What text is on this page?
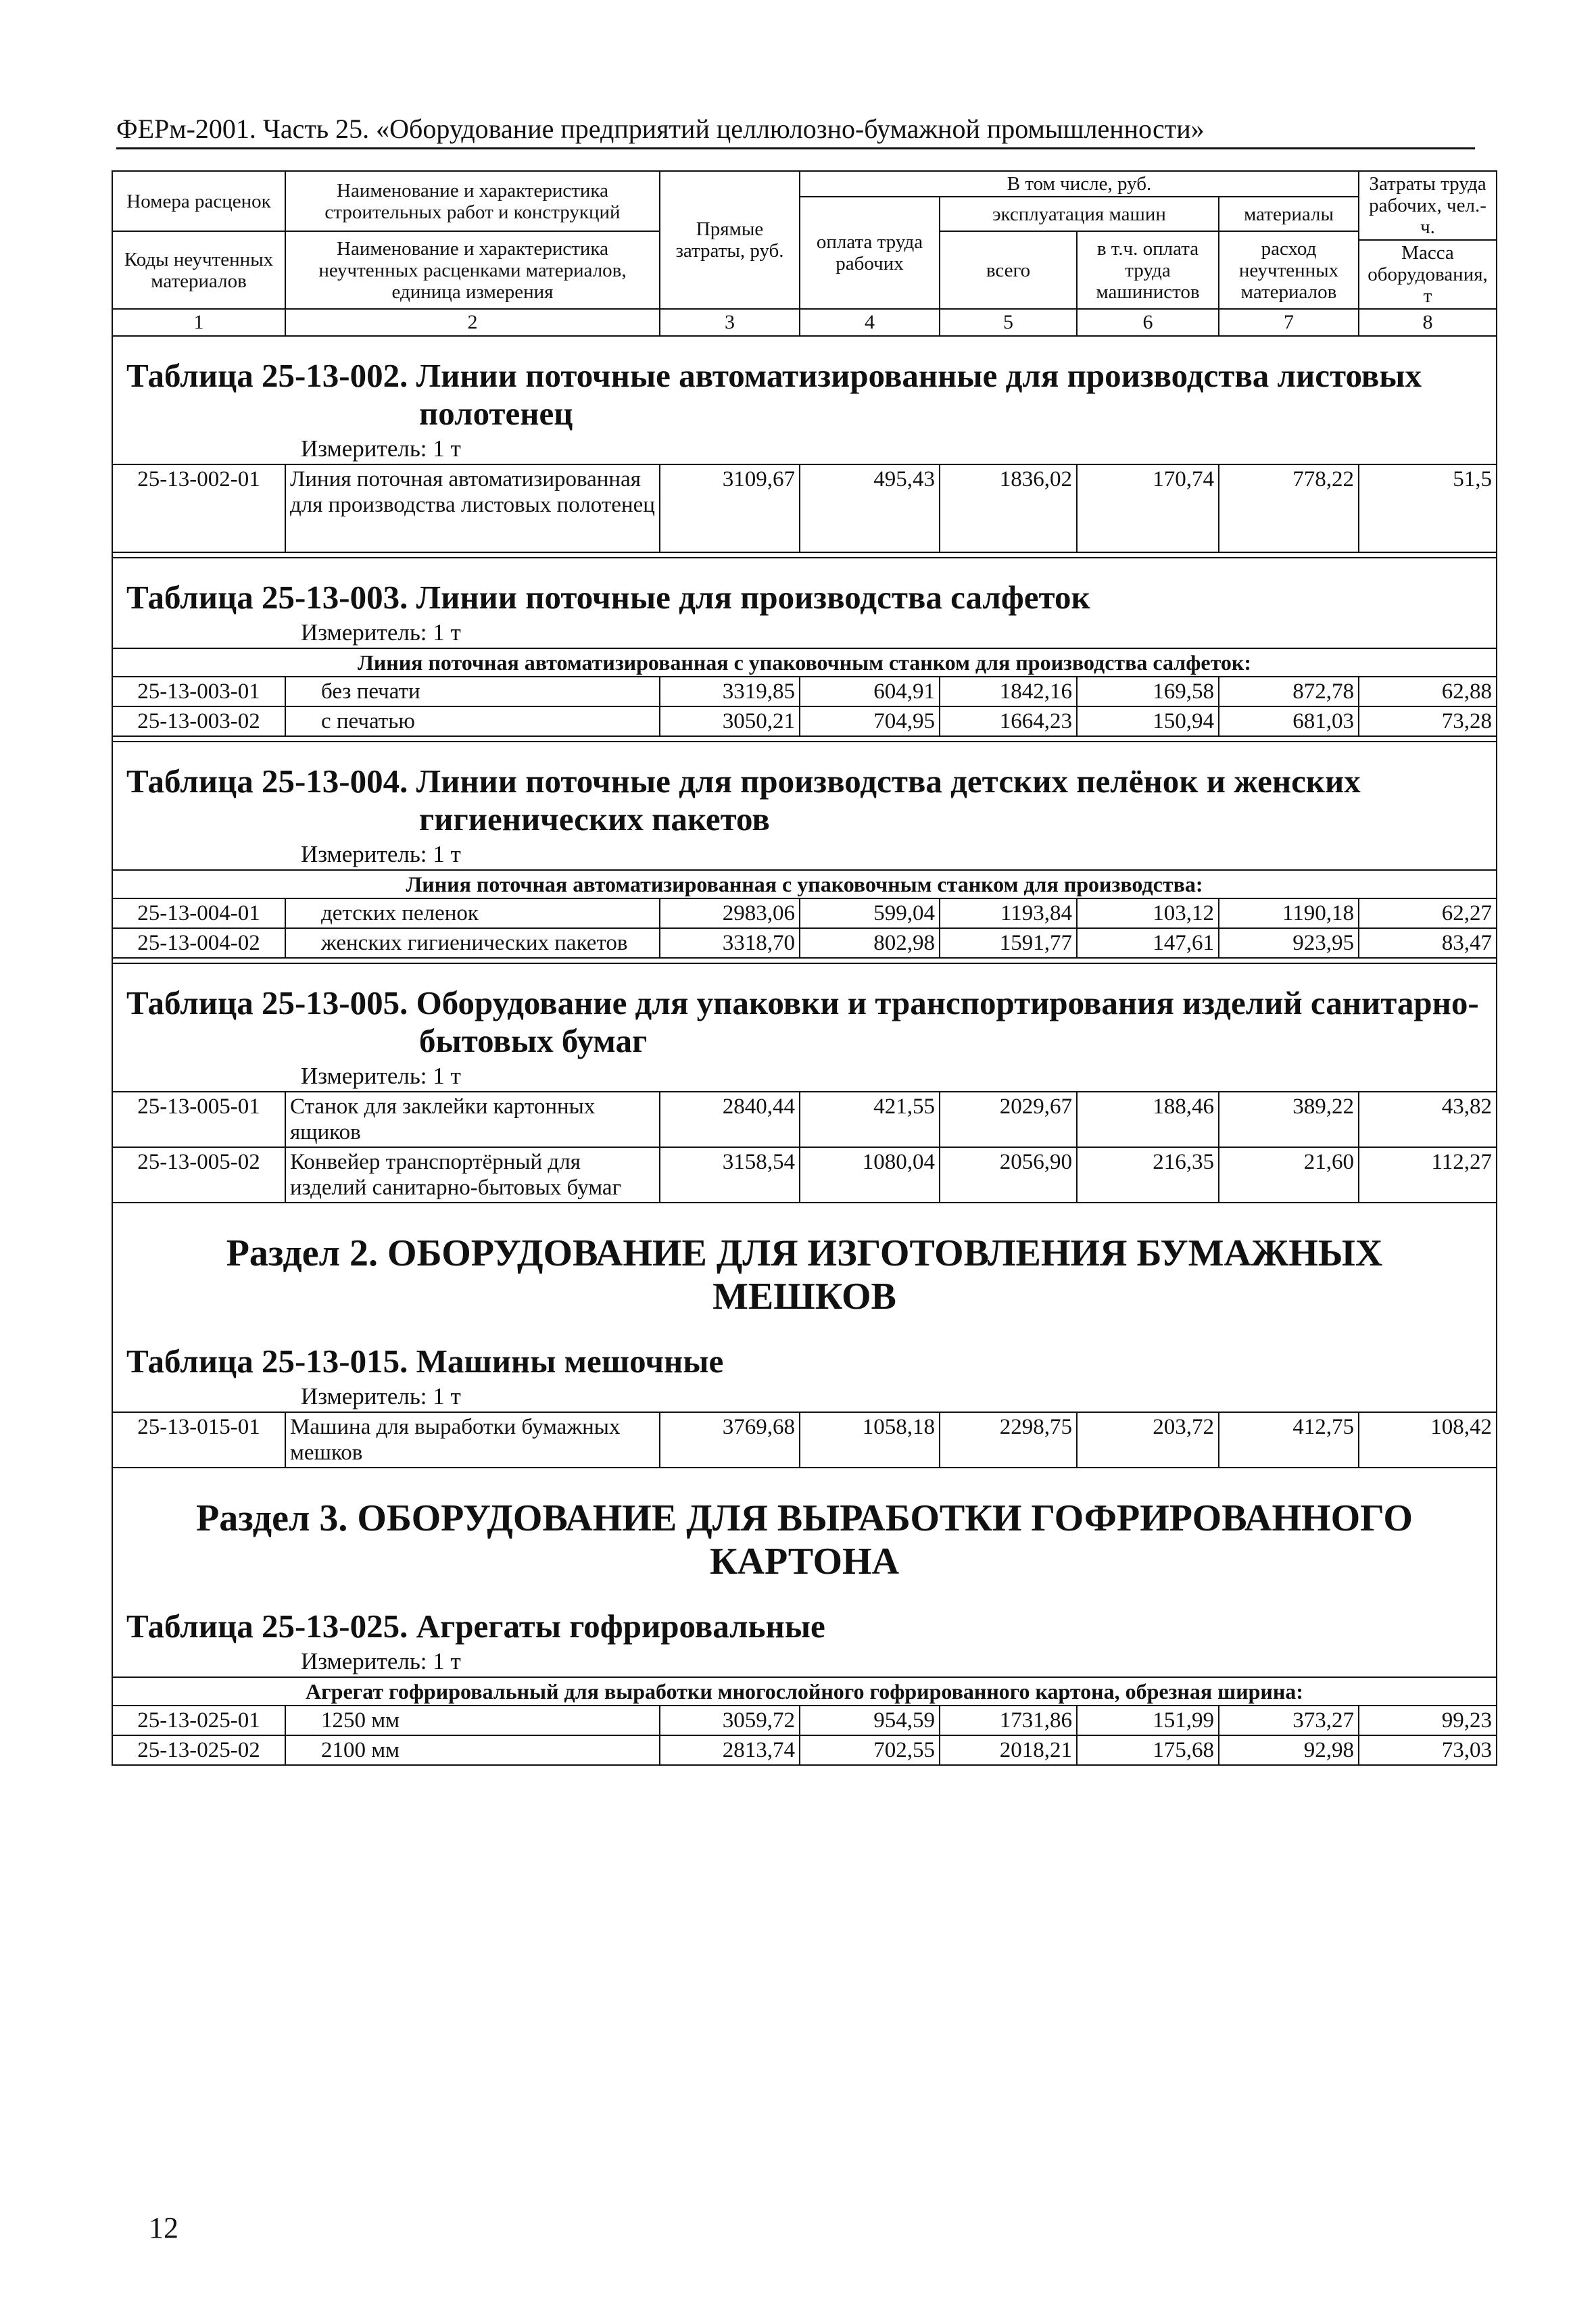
ФЕРм-2001. Часть 25. «Оборудование предприятий целлюлозно-бумажной промышленности»
Номера расценок	Наименование и характеристика строительных работ и конструкций	Прямые затраты, руб.	В том числе, руб.				Затраты труда рабочих, чел.-ч.
			оплата труда рабочих	эксплуатация машин		материалы	
Коды неучтенных материалов	Наименование и характеристика неучтенных расценками материалов, единица измерения			всего	в т.ч. оплата труда машинистов	расход неучтенных материалов	
							Масса оборудования, т
1	2	3	4	5	6	7	8
Таблица 25-13-002. Линии поточные автоматизированные для производства листовых
полотенец							

Измеритель: 1 т							
25-13-002-01	Линия поточная автоматизированная для производства листовых полотенец	3109,67	495,43	1836,02	170,74	778,22	51,5

Таблица 25-13-003. Линии поточные для производства салфеток							
Измеритель: 1 т							
Линия поточная автоматизированная с упаковочным станком для производства салфеток:							
25-13-003-01	без печати	3319,85	604,91	1842,16	169,58	872,78	62,88
25-13-003-02	с печатью	3050,21	704,95	1664,23	150,94	681,03	73,28

Таблица 25-13-004. Линии поточные для производства детских пелёнок и женских
гигиенических пакетов							

Измеритель: 1 т							
Линия поточная автоматизированная с упаковочным станком для производства:							
25-13-004-01	детских пеленок	2983,06	599,04	1193,84	103,12	1190,18	62,27
25-13-004-02	женских гигиенических пакетов	3318,70	802,98	1591,77	147,61	923,95	83,47

Таблица 25-13-005. Оборудование для упаковки и транспортирования изделий санитарно-
бытовых бумаг							

Измеритель: 1 т							
25-13-005-01	Станок для заклейки картонных ящиков	2840,44	421,55	2029,67	188,46	389,22	43,82
25-13-005-02	Конвейер транспортёрный для изделий санитарно-бытовых бумаг	3158,54	1080,04	2056,90	216,35	21,60	112,27
Раздел 2. ОБОРУДОВАНИЕ ДЛЯ ИЗГОТОВЛЕНИЯ БУМАЖНЫХ МЕШКОВ							
Таблица 25-13-015. Машины мешочные							
Измеритель: 1 т							
25-13-015-01	Машина для выработки бумажных мешков	3769,68	1058,18	2298,75	203,72	412,75	108,42
Раздел 3. ОБОРУДОВАНИЕ ДЛЯ ВЫРАБОТКИ ГОФРИРОВАННОГО КАРТОНА							
Таблица 25-13-025. Агрегаты гофрировальные							
Измеритель: 1 т							
Агрегат гофрировальный для выработки многослойного гофрированного картона, обрезная ширина:							
25-13-025-01	1250 мм	3059,72	954,59	1731,86	151,99	373,27	99,23
25-13-025-02	2100 мм	2813,74	702,55	2018,21	175,68	92,98	73,03
12
